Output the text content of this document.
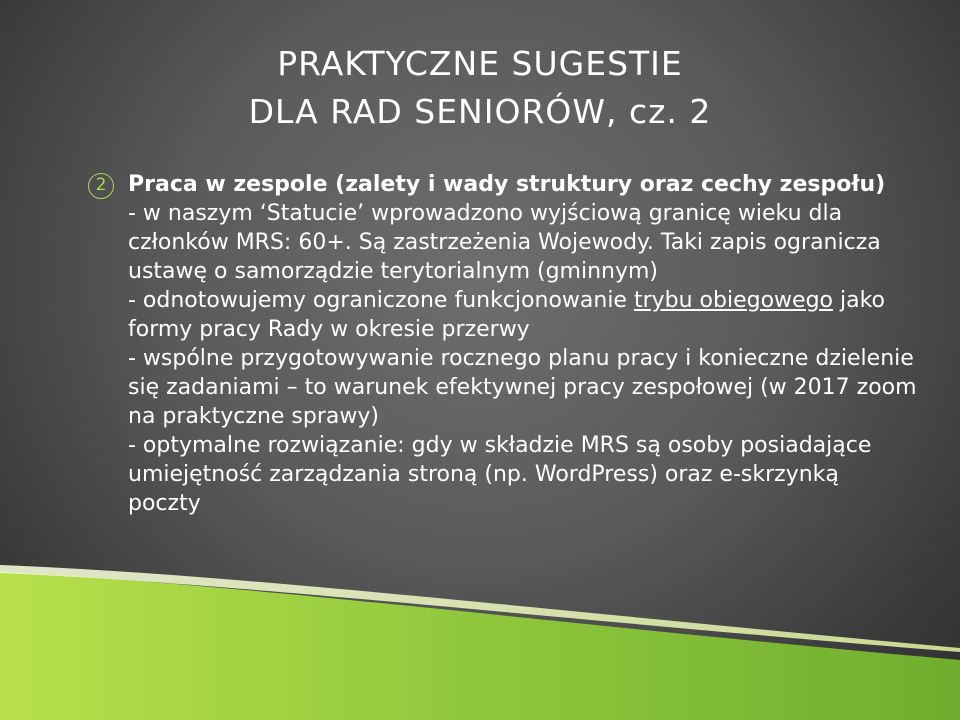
PRAKTYCZNE SUGESTIE
DLA RAD SENIORÓW, cz. 2
2 Praca w zespole (zalety i wady struktury oraz cechy zespołu)
- w naszym ‘Statucie’ wprowadzono wyjściową granicę wieku dla członków MRS: 60+. Są zastrzeżenia Wojewody. Taki zapis ogranicza ustawę o samorządzie terytorialnym (gminnym)
- odnotowujemy ograniczone funkcjonowanie trybu obiegowego jako formy pracy Rady w okresie przerwy
- wspólne przygotowywanie rocznego planu pracy i konieczne dzielenie się zadaniami – to warunek efektywnej pracy zespołowej (w 2017 zoom na praktyczne sprawy)
- optymalne rozwiązanie: gdy w składzie MRS są osoby posiadające umiejętność zarządzania stroną (np. WordPress) oraz e-skrzynką poczty
